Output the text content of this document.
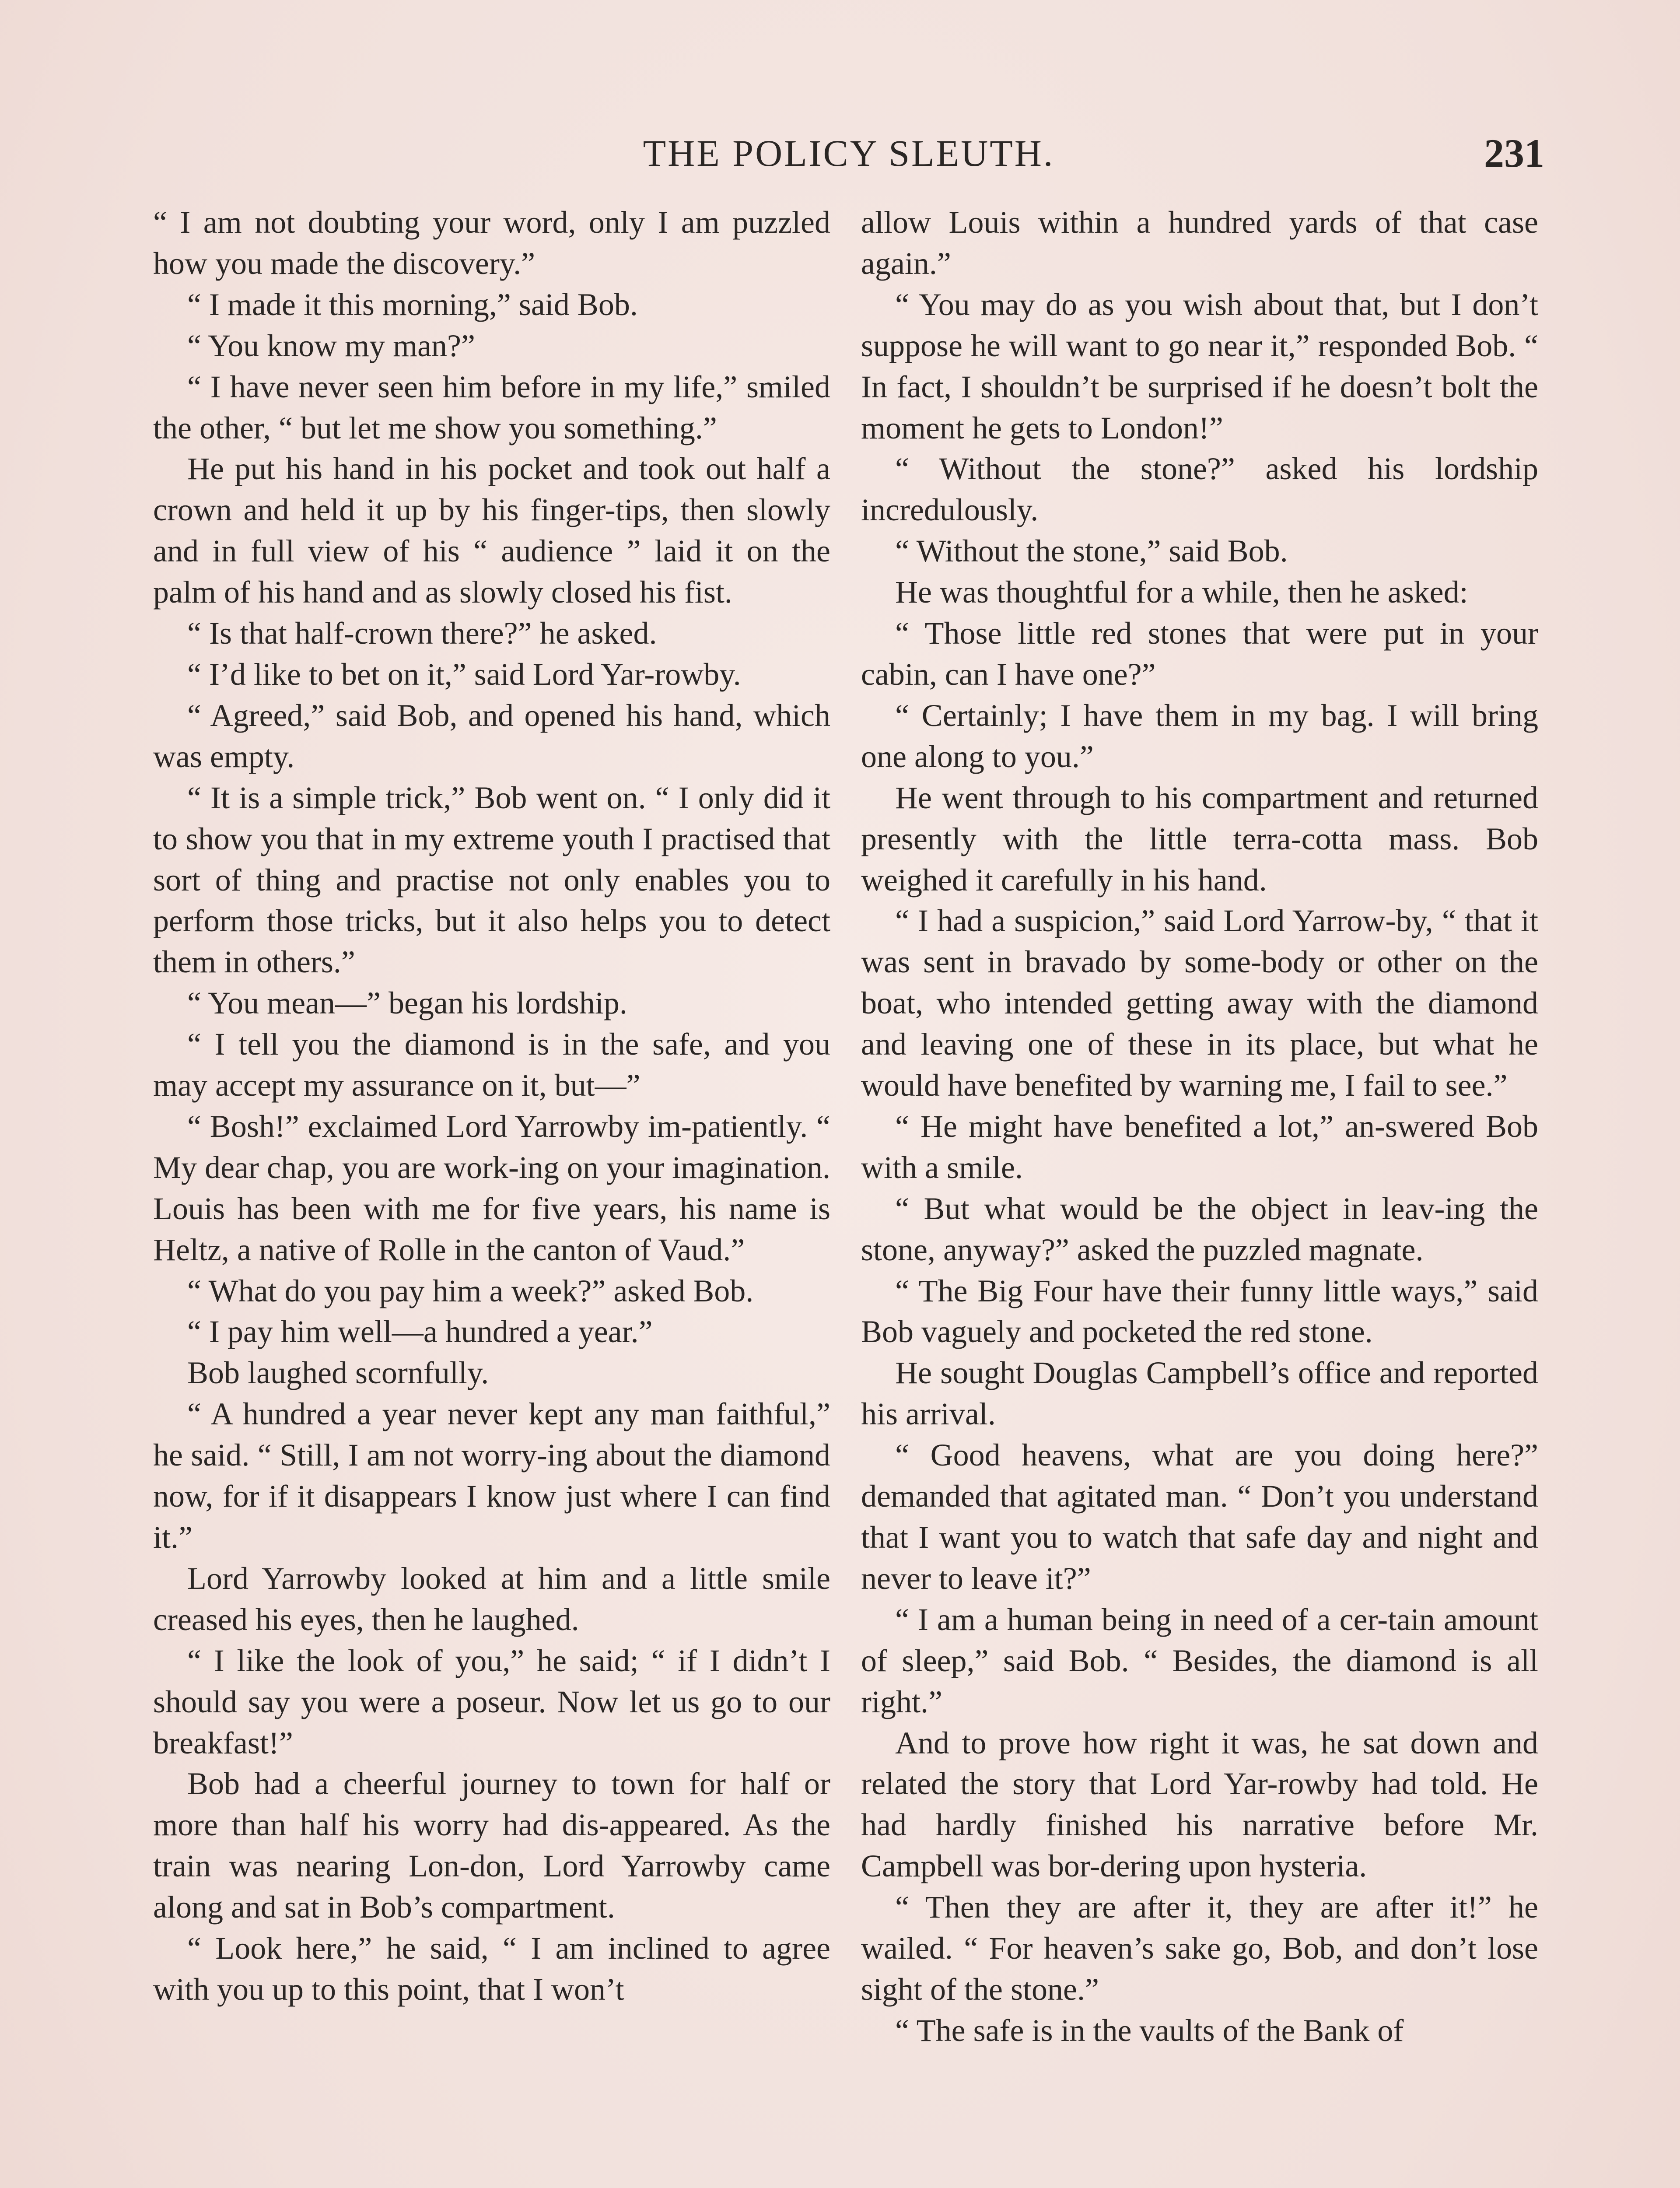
THE POLICY SLEUTH.	231

“ I am not doubting your word, only I am puzzled how you made the discovery.”

“ I made it this morning,” said Bob.

“ You know my man?”

“ I have never seen him before in my life,” smiled the other, “ but let me show you something.”

He put his hand in his pocket and took out half a crown and held it up by his finger-tips, then slowly and in full view of his “ audience ” laid it on the palm of his hand and as slowly closed his fist.

“ Is that half-crown there?” he asked.

“ I’d like to bet on it,” said Lord Yar-rowby.

“ Agreed,” said Bob, and opened his hand, which was empty.

“ It is a simple trick,” Bob went on. “ I only did it to show you that in my extreme youth I practised that sort of thing and practise not only enables you to perform those tricks, but it also helps you to detect them in others.”

“ You mean—” began his lordship.

“ I tell you the diamond is in the safe, and you may accept my assurance on it, but—”

“ Bosh!” exclaimed Lord Yarrowby im-patiently. “ My dear chap, you are work-ing on your imagination. Louis has been with me for five years, his name is Heltz, a native of Rolle in the canton of Vaud.”

“ What do you pay him a week?” asked Bob.

“ I pay him well—a hundred a year.”

Bob laughed scornfully.

“ A hundred a year never kept any man faithful,” he said. “ Still, I am not worry-ing about the diamond now, for if it disappears I know just where I can find it.”

Lord Yarrowby looked at him and a little smile creased his eyes, then he laughed.

“ I like the look of you,” he said; “ if I didn’t I should say you were a poseur. Now let us go to our breakfast!”

Bob had a cheerful journey to town for half or more than half his worry had dis-appeared. As the train was nearing Lon-don, Lord Yarrowby came along and sat in Bob’s compartment.

“ Look here,” he said, “ I am inclined to agree with you up to this point, that I won’t

allow Louis within a hundred yards of that case again.”

“ You may do as you wish about that, but I don’t suppose he will want to go near it,” responded Bob. “ In fact, I shouldn’t be surprised if he doesn’t bolt the moment he gets to London!”

“ Without the stone?” asked his lordship incredulously.

“ Without the stone,” said Bob.

He was thoughtful for a while, then he asked:

“ Those little red stones that were put in your cabin, can I have one?”

“ Certainly; I have them in my bag. I will bring one along to you.”

He went through to his compartment and returned presently with the little terra-cotta mass. Bob weighed it carefully in his hand.

“ I had a suspicion,” said Lord Yarrow-by, “ that it was sent in bravado by some-body or other on the boat, who intended getting away with the diamond and leaving one of these in its place, but what he would have benefited by warning me, I fail to see.”

“ He might have benefited a lot,” an-swered Bob with a smile.

“ But what would be the object in leav-ing the stone, anyway?” asked the puzzled magnate.

“ The Big Four have their funny little ways,” said Bob vaguely and pocketed the red stone.

He sought Douglas Campbell’s office and reported his arrival.

“ Good heavens, what are you doing here?” demanded that agitated man. “ Don’t you understand that I want you to watch that safe day and night and never to leave it?”

“ I am a human being in need of a cer-tain amount of sleep,” said Bob. “ Besides, the diamond is all right.”

And to prove how right it was, he sat down and related the story that Lord Yar-rowby had told. He had hardly finished his narrative before Mr. Campbell was bor-dering upon hysteria.

“ Then they are after it, they are after it!” he wailed. “ For heaven’s sake go, Bob, and don’t lose sight of the stone.”

“ The safe is in the vaults of the Bank of
